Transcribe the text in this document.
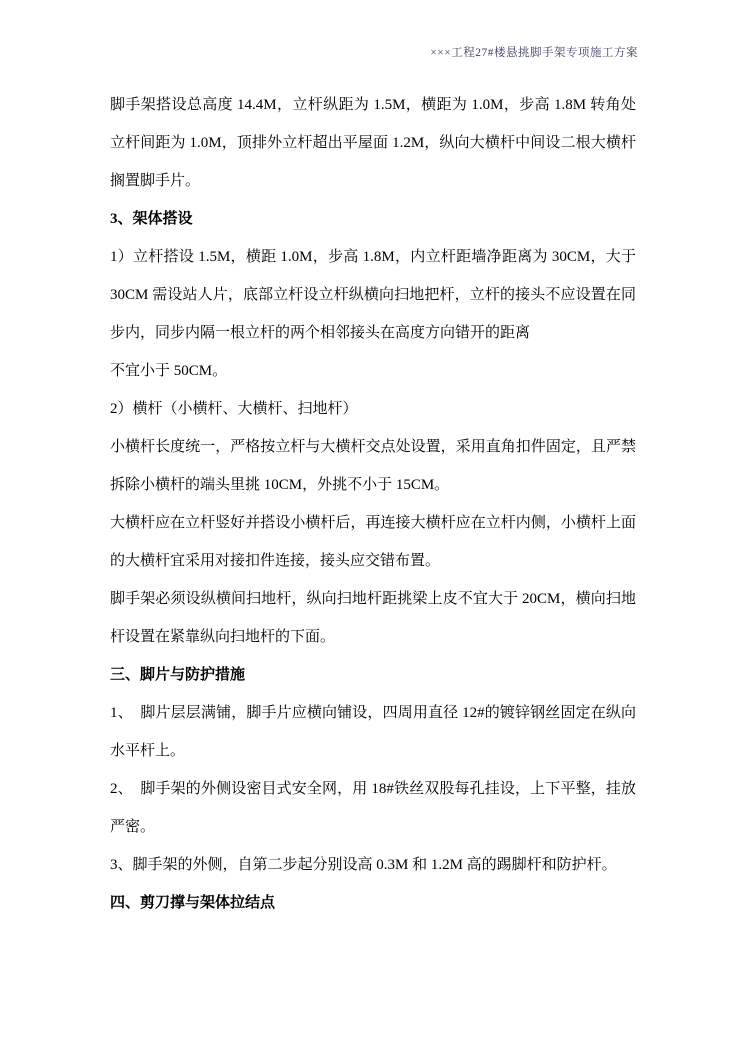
×××工程27#楼悬挑脚手架专项施工方案

脚手架搭设总高度 14.4M，立杆纵距为 1.5M，横距为 1.0M，步高 1.8M 转角处立杆间距为 1.0M，顶排外立杆超出平屋面 1.2M，纵向大横杆中间设二根大横杆搁置脚手片。

3、架体搭设

1）立杆搭设 1.5M，横距 1.0M，步高 1.8M，内立杆距墙净距离为 30CM，大于 30CM 需设站人片，底部立杆设立杆纵横向扫地把杆，立杆的接头不应设置在同步内，同步内隔一根立杆的两个相邻接头在高度方向错开的距离

不宜小于 50CM。

2）横杆（小横杆、大横杆、扫地杆）

小横杆长度统一，严格按立杆与大横杆交点处设置，采用直角扣件固定，且严禁拆除小横杆的端头里挑 10CM，外挑不小于 15CM。

大横杆应在立杆竖好并搭设小横杆后，再连接大横杆应在立杆内侧，小横杆上面的大横杆宜采用对接扣件连接，接头应交错布置。

脚手架必须设纵横间扫地杆，纵向扫地杆距挑梁上皮不宜大于 20CM，横向扫地杆设置在紧靠纵向扫地杆的下面。

三、脚片与防护措施

1、　脚片层层满铺，脚手片应横向铺设，四周用直径 12#的镀锌钢丝固定在纵向水平杆上。

2、　脚手架的外侧设密目式安全网，用 18#铁丝双股每孔挂设，上下平整，挂放严密。

3、脚手架的外侧，自第二步起分别设高 0.3M 和 1.2M 高的踢脚杆和防护杆。

四、剪刀撑与架体拉结点
